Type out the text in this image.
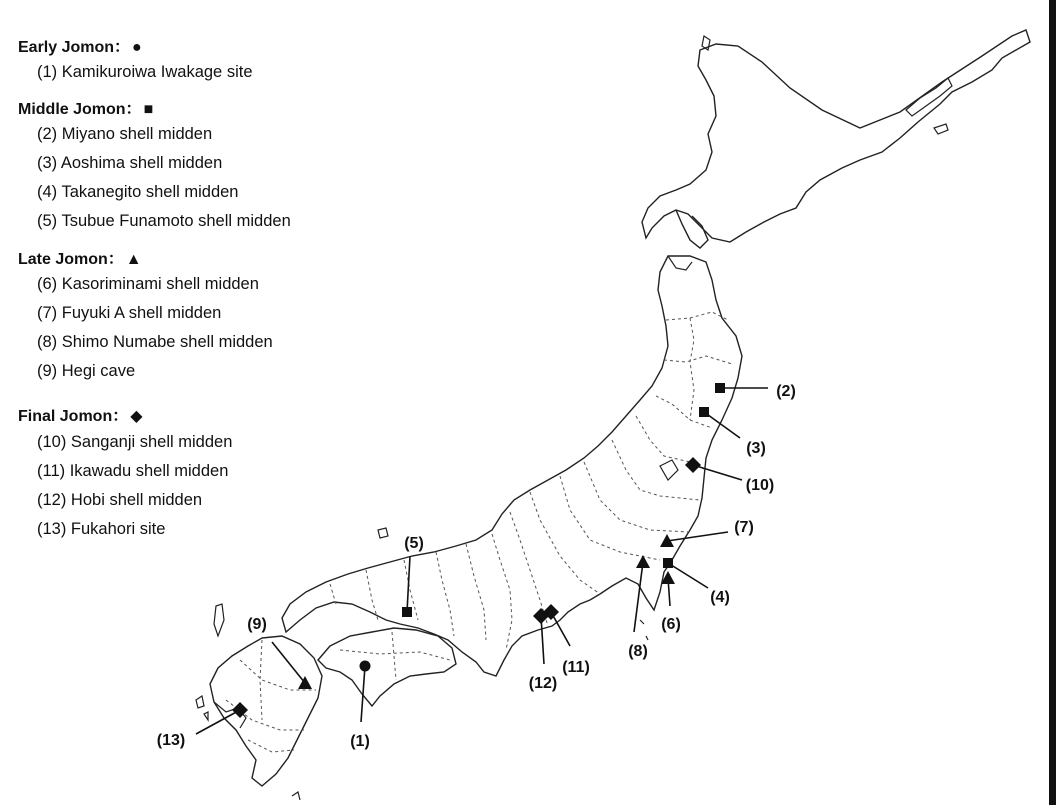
(1)
(2)
(3)
(4)
(5)
(6)
(7)
(8)
(9)
(10)
(11)
(12)
(13)
Early Jomon： ●
(1) Kamikuroiwa Iwakage site
Middle Jomon： ■
(2) Miyano shell midden
(3) Aoshima shell midden
(4) Takanegito shell midden
(5) Tsubue Funamoto shell midden
Late Jomon： ▲
(6) Kasoriminami shell midden
(7) Fuyuki A shell midden
(8) Shimo Numabe shell midden
(9) Hegi cave
Final Jomon： ◆
(10) Sanganji shell midden
(11) Ikawadu shell midden
(12) Hobi shell midden
(13) Fukahori site
